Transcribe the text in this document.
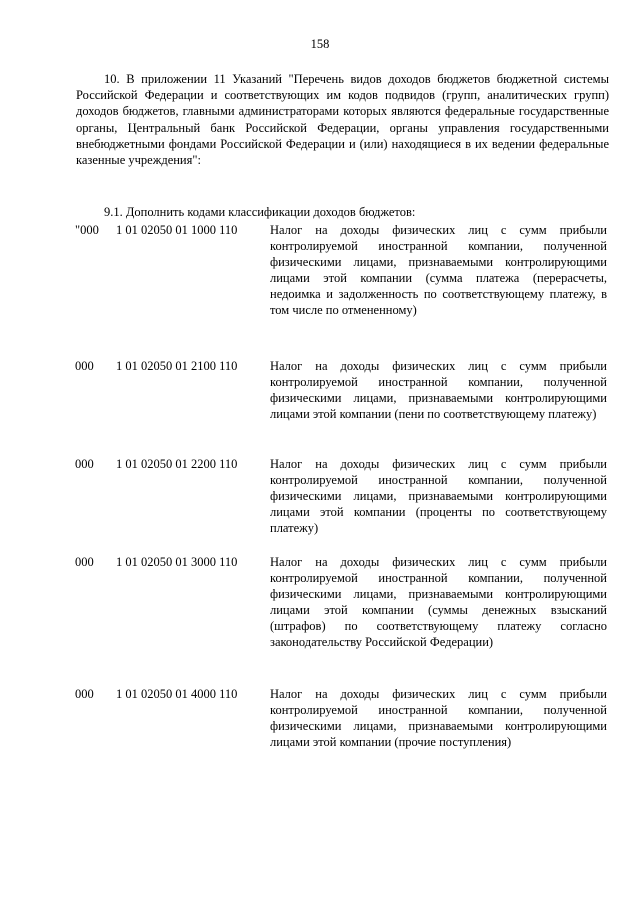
158

10. В приложении 11 Указаний "Перечень видов доходов бюджетов бюджетной системы Российской Федерации и соответствующих им кодов подвидов (групп, аналитических групп) доходов бюджетов, главными администраторами которых являются федеральные государственные органы, Центральный банк Российской Федерации, органы управления государственными внебюджетными фондами Российской Федерации и (или) находящиеся в их ведении федеральные казенные учреждения":

9.1. Дополнить кодами классификации доходов бюджетов:

"000 1 01 02050 01 1000 110	Налог на доходы физических лиц с сумм прибыли контролируемой иностранной компании, полученной физическими лицами, признаваемыми контролирующими лицами этой компании (сумма платежа (перерасчеты, недоимка и задолженность по соответствующему платежу, в том числе по отмененному)
000 1 01 02050 01 2100 110	Налог на доходы физических лиц с сумм прибыли контролируемой иностранной компании, полученной физическими лицами, признаваемыми контролирующими лицами этой компании (пени по соответствующему платежу)
000 1 01 02050 01 2200 110	Налог на доходы физических лиц с сумм прибыли контролируемой иностранной компании, полученной физическими лицами, признаваемыми контролирующими лицами этой компании (проценты по соответствующему платежу)
000 1 01 02050 01 3000 110	Налог на доходы физических лиц с сумм прибыли контролируемой иностранной компании, полученной физическими лицами, признаваемыми контролирующими лицами этой компании (суммы денежных взысканий (штрафов) по соответствующему платежу согласно законодательству Российской Федерации)
000 1 01 02050 01 4000 110	Налог на доходы физических лиц с сумм прибыли контролируемой иностранной компании, полученной физическими лицами, признаваемыми контролирующими лицами этой компании (прочие поступления)
